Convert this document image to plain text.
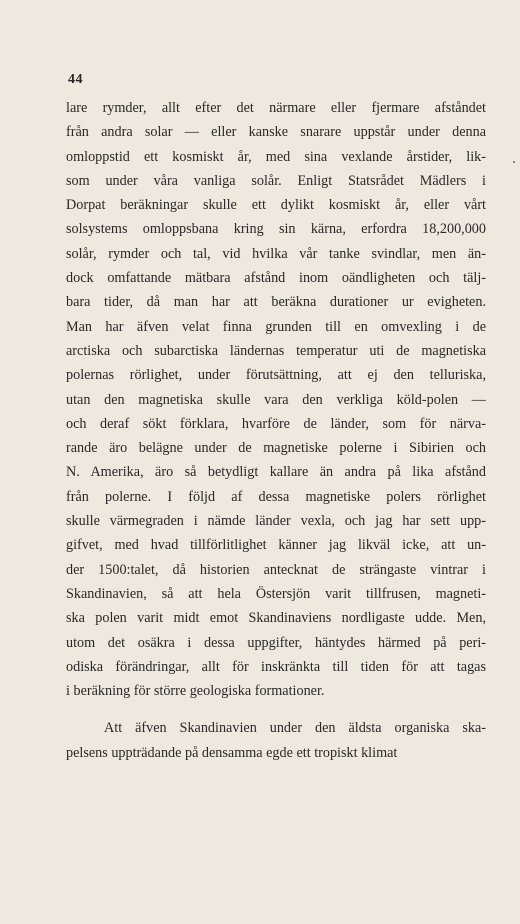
44
lare rymder, allt efter det närmare eller fjermare afståndet
från andra solar — eller kanske snarare uppstår under denna
omloppstid ett kosmiskt år, med sina vexlande årstider, lik-
som under våra vanliga solår. Enligt Statsrådet Mädlers i
Dorpat beräkningar skulle ett dylikt kosmiskt år, eller vårt
solsystems omloppsbana kring sin kärna, erfordra 18,200,000
solår, rymder och tal, vid hvilka vår tanke svindlar, men än-
dock omfattande mätbara afstånd inom oändligheten och tälj-
bara tider, då man har att beräkna durationer ur evigheten.
Man har äfven velat finna grunden till en omvexling i de
arctiska och subarctiska ländernas temperatur uti de magnetiska
polernas rörlighet, under förutsättning, att ej den telluriska,
utan den magnetiska skulle vara den verkliga köld-polen —
och deraf sökt förklara, hvarföre de länder, som för närva-
rande äro belägne under de magnetiske polerne i Sibirien och
N. Amerika, äro så betydligt kallare än andra på lika afstånd
från polerne. I följd af dessa magnetiske polers rörlighet
skulle värmegraden i nämde länder vexla, och jag har sett upp-
gifvet, med hvad tillförlitlighet känner jag likväl icke, att un-
der 1500:talet, då historien antecknat de strängaste vintrar i
Skandinavien, så att hela Östersjön varit tillfrusen, magneti-
ska polen varit midt emot Skandinaviens nordligaste udde. Men,
utom det osäkra i dessa uppgifter, häntydes härmed på peri-
odiska förändringar, allt för inskränkta till tiden för att tagas
i beräkning för större geologiska formationer.
Att äfven Skandinavien under den äldsta organiska ska-
pelsens uppträdande på densamma egde ett tropiskt klimat
